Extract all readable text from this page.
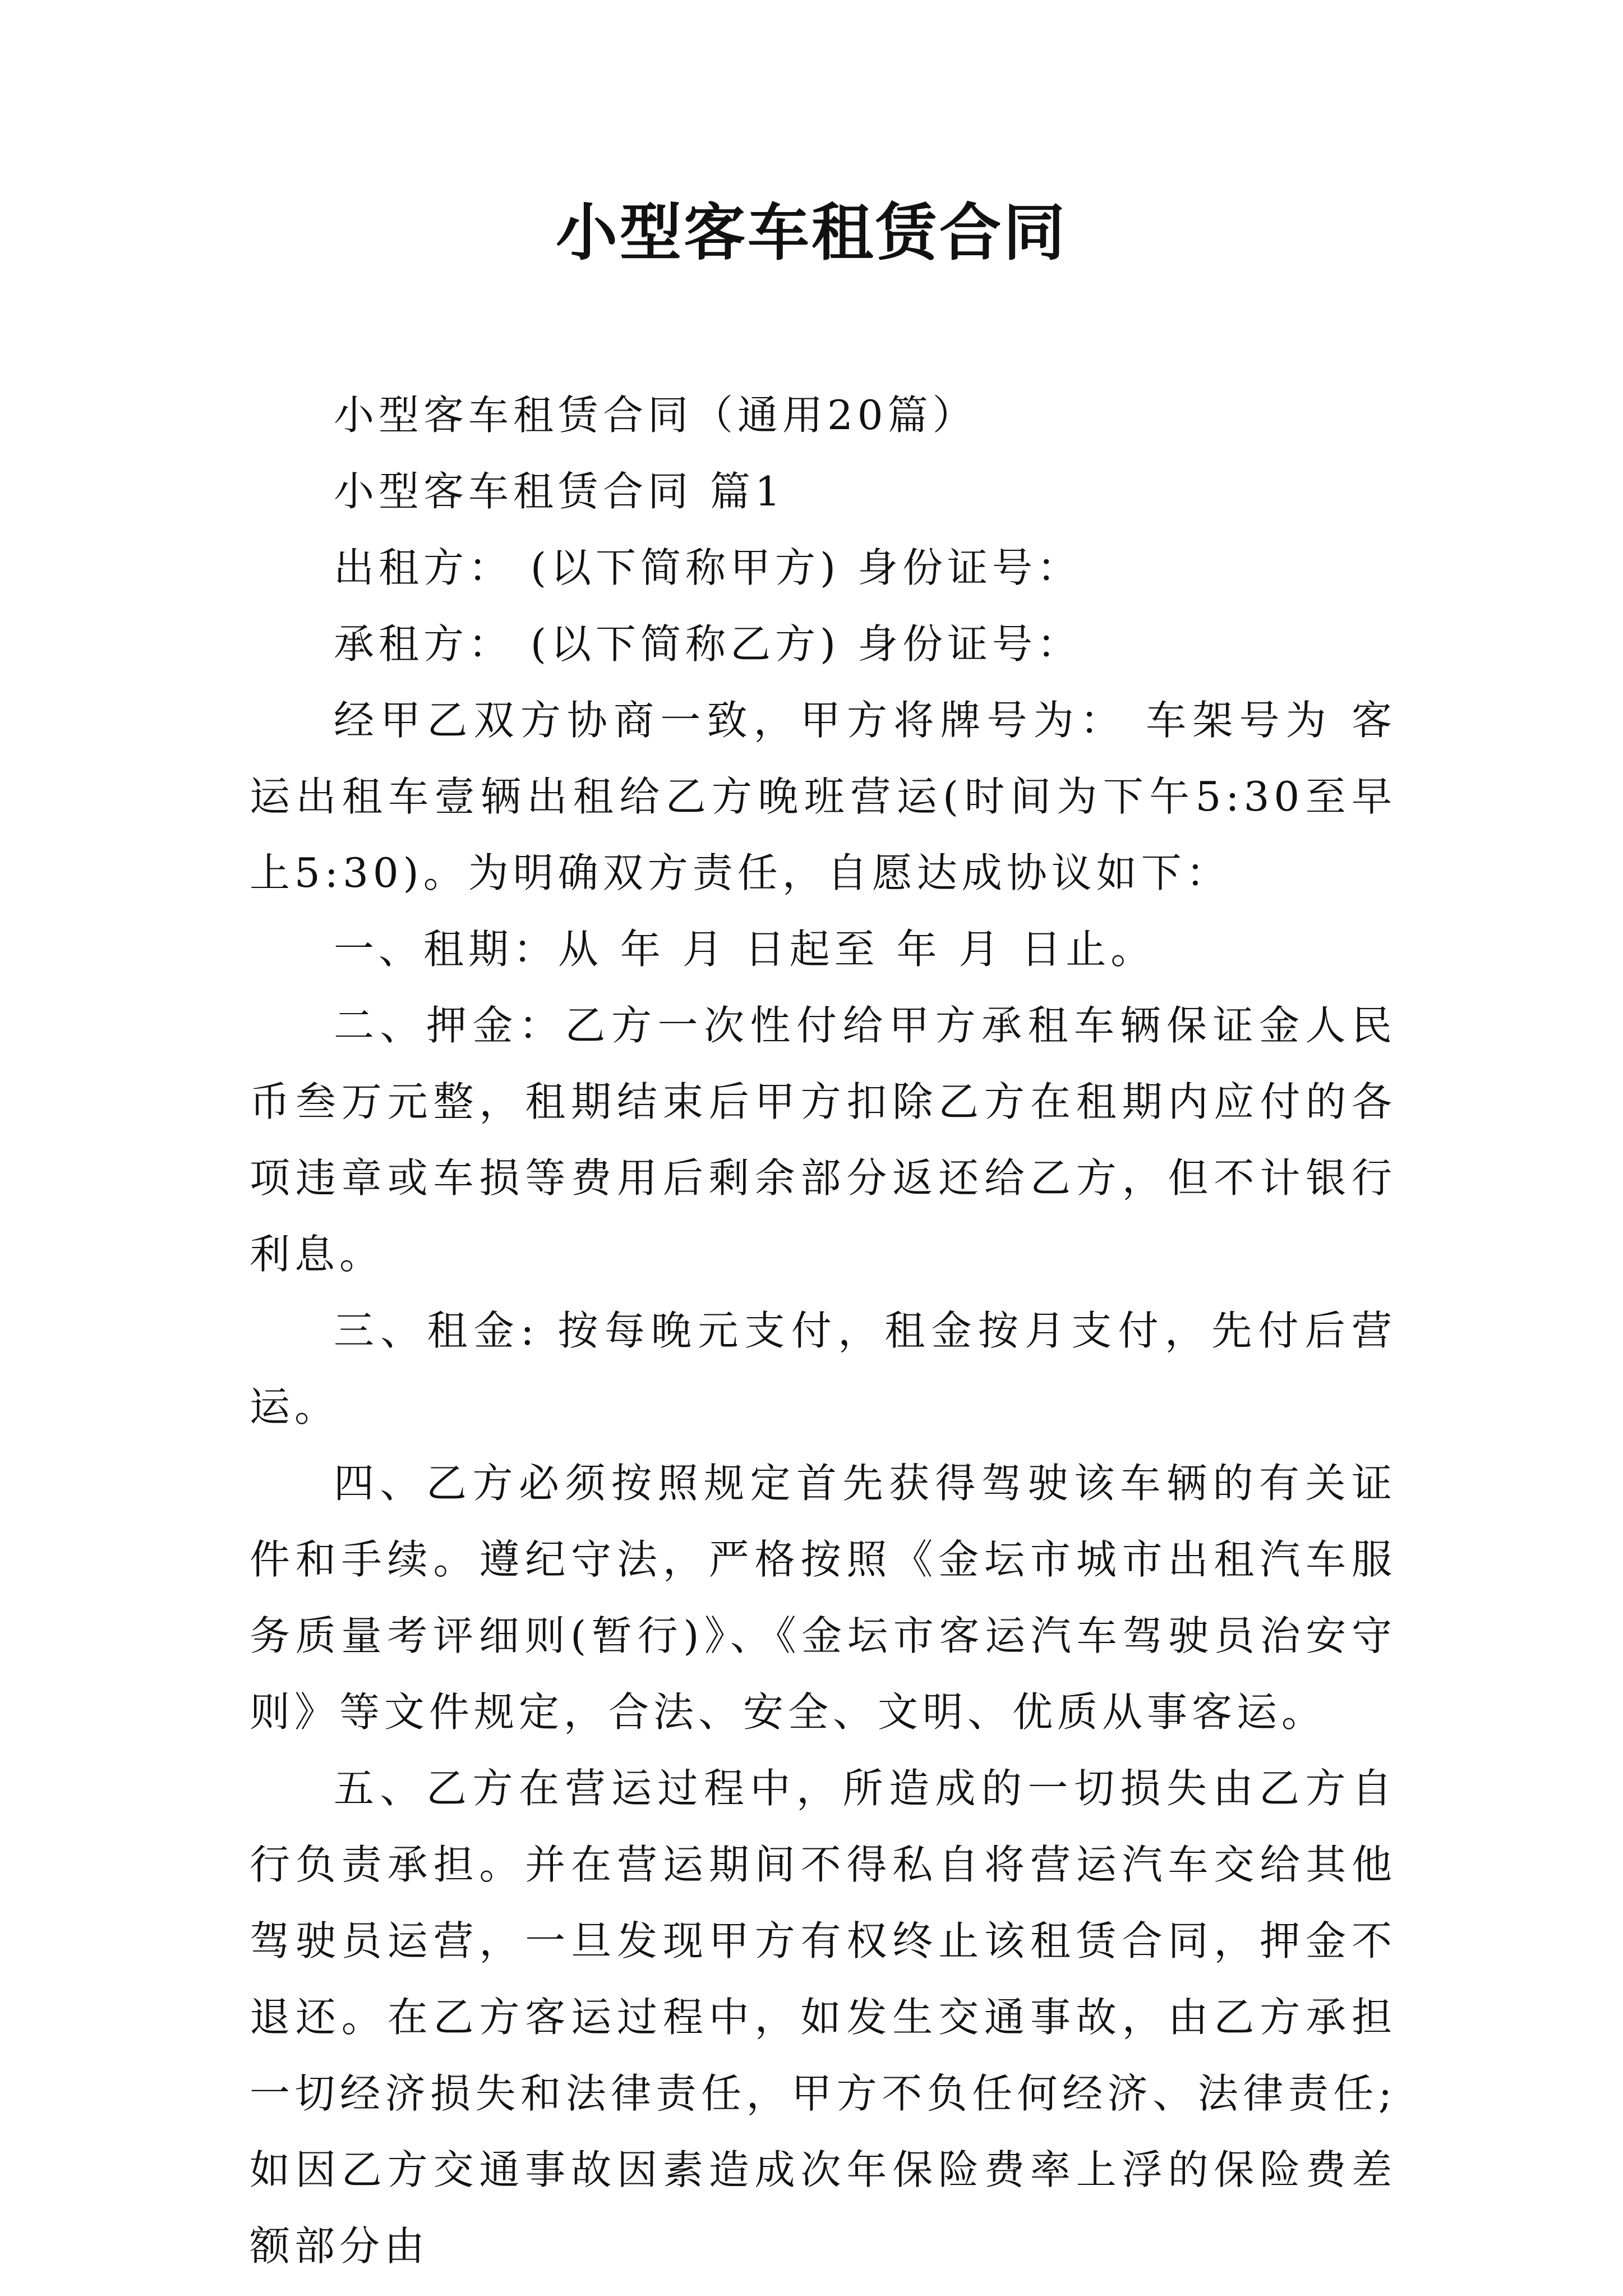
小型客车租赁合同

小型客车租赁合同（通用20篇）

小型客车租赁合同 篇1

出租方： (以下简称甲方) 身份证号：

承租方： (以下简称乙方) 身份证号：

经甲乙双方协商一致，甲方将牌号为： 车架号为 客运出租车壹辆出租给乙方晚班营运(时间为下午5:30至早上5:30)。为明确双方责任，自愿达成协议如下：

一、租期：从 年 月 日起至 年 月 日止。

二、押金：乙方一次性付给甲方承租车辆保证金人民币叁万元整，租期结束后甲方扣除乙方在租期内应付的各项违章或车损等费用后剩余部分返还给乙方，但不计银行利息。

三、租金: 按每晚元支付，租金按月支付，先付后营运。

四、乙方必须按照规定首先获得驾驶该车辆的有关证件和手续。遵纪守法，严格按照《金坛市城市出租汽车服务质量考评细则(暂行)》、《金坛市客运汽车驾驶员治安守则》等文件规定，合法、安全、文明、优质从事客运。

五、乙方在营运过程中，所造成的一切损失由乙方自行负责承担。并在营运期间不得私自将营运汽车交给其他驾驶员运营，一旦发现甲方有权终止该租赁合同，押金不退还。在乙方客运过程中，如发生交通事故，由乙方承担一切经济损失和法律责任，甲方不负任何经济、法律责任;如因乙方交通事故因素造成次年保险费率上浮的保险费差额部分由
